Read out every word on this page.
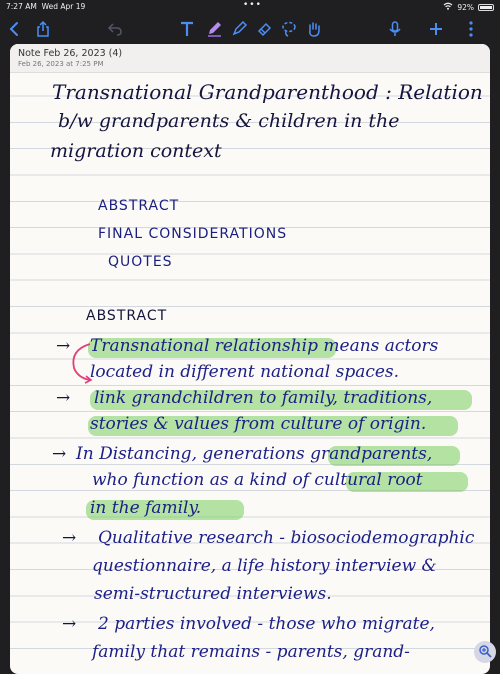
7:27 AM Wed Apr 19	•••	92%
Note Feb 26, 2023 (4)
Feb 26, 2023 at 7:25 PM
Transnational Grandparenthood : Relation
b/w grandparents & children in the
migration context
ABSTRACT
FINAL CONSIDERATIONS
QUOTES
ABSTRACT
→ Transnational relationship means actors
located in different national spaces.
→ link grandchildren to family, traditions,
stories & values from culture of origin.
→ In Distancing, generations grandparents,
who function as a kind of cultural root
in the family.
→ Qualitative research - biosociodemographic
questionnaire, a life history interview &
semi-structured interviews.
→ 2 parties involved - those who migrate,
family that remains - parents, grand-
